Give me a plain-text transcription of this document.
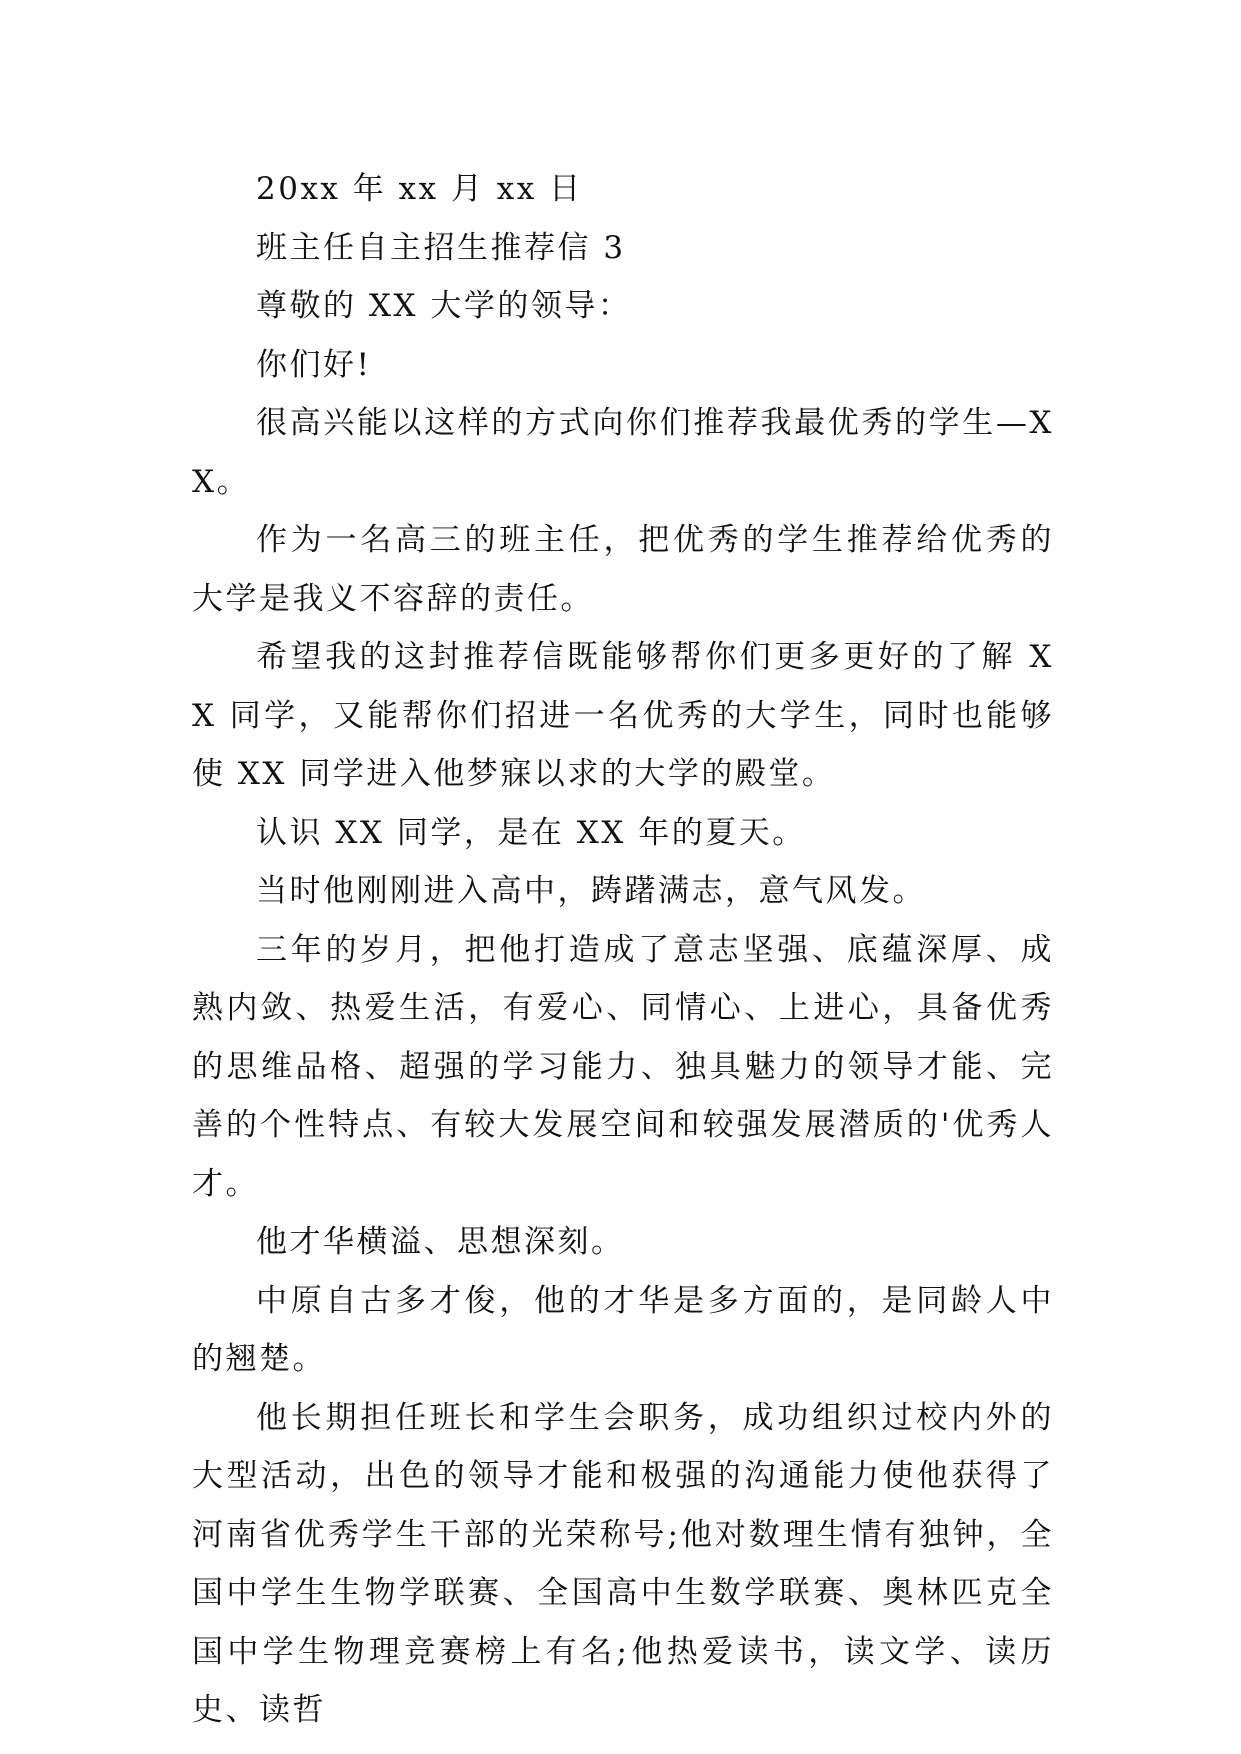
20xx 年 xx 月 xx 日

班主任自主招生推荐信 3

尊敬的 XX 大学的领导：

你们好!

很高兴能以这样的方式向你们推荐我最优秀的学生—XX。

作为一名高三的班主任，把优秀的学生推荐给优秀的大学是我义不容辞的责任。

希望我的这封推荐信既能够帮你们更多更好的了解 XX 同学，又能帮你们招进一名优秀的大学生，同时也能够使 XX 同学进入他梦寐以求的大学的殿堂。

认识 XX 同学，是在 XX 年的夏天。

当时他刚刚进入高中，踌躇满志，意气风发。

三年的岁月，把他打造成了意志坚强、底蕴深厚、成熟内敛、热爱生活，有爱心、同情心、上进心，具备优秀的思维品格、超强的学习能力、独具魅力的领导才能、完善的个性特点、有较大发展空间和较强发展潜质的'优秀人才。

他才华横溢、思想深刻。

中原自古多才俊，他的才华是多方面的，是同龄人中的翘楚。

他长期担任班长和学生会职务，成功组织过校内外的大型活动，出色的领导才能和极强的沟通能力使他获得了河南省优秀学生干部的光荣称号;他对数理生情有独钟，全国中学生生物学联赛、全国高中生数学联赛、奥林匹克全国中学生物理竞赛榜上有名;他热爱读书，读文学、读历史、读哲
